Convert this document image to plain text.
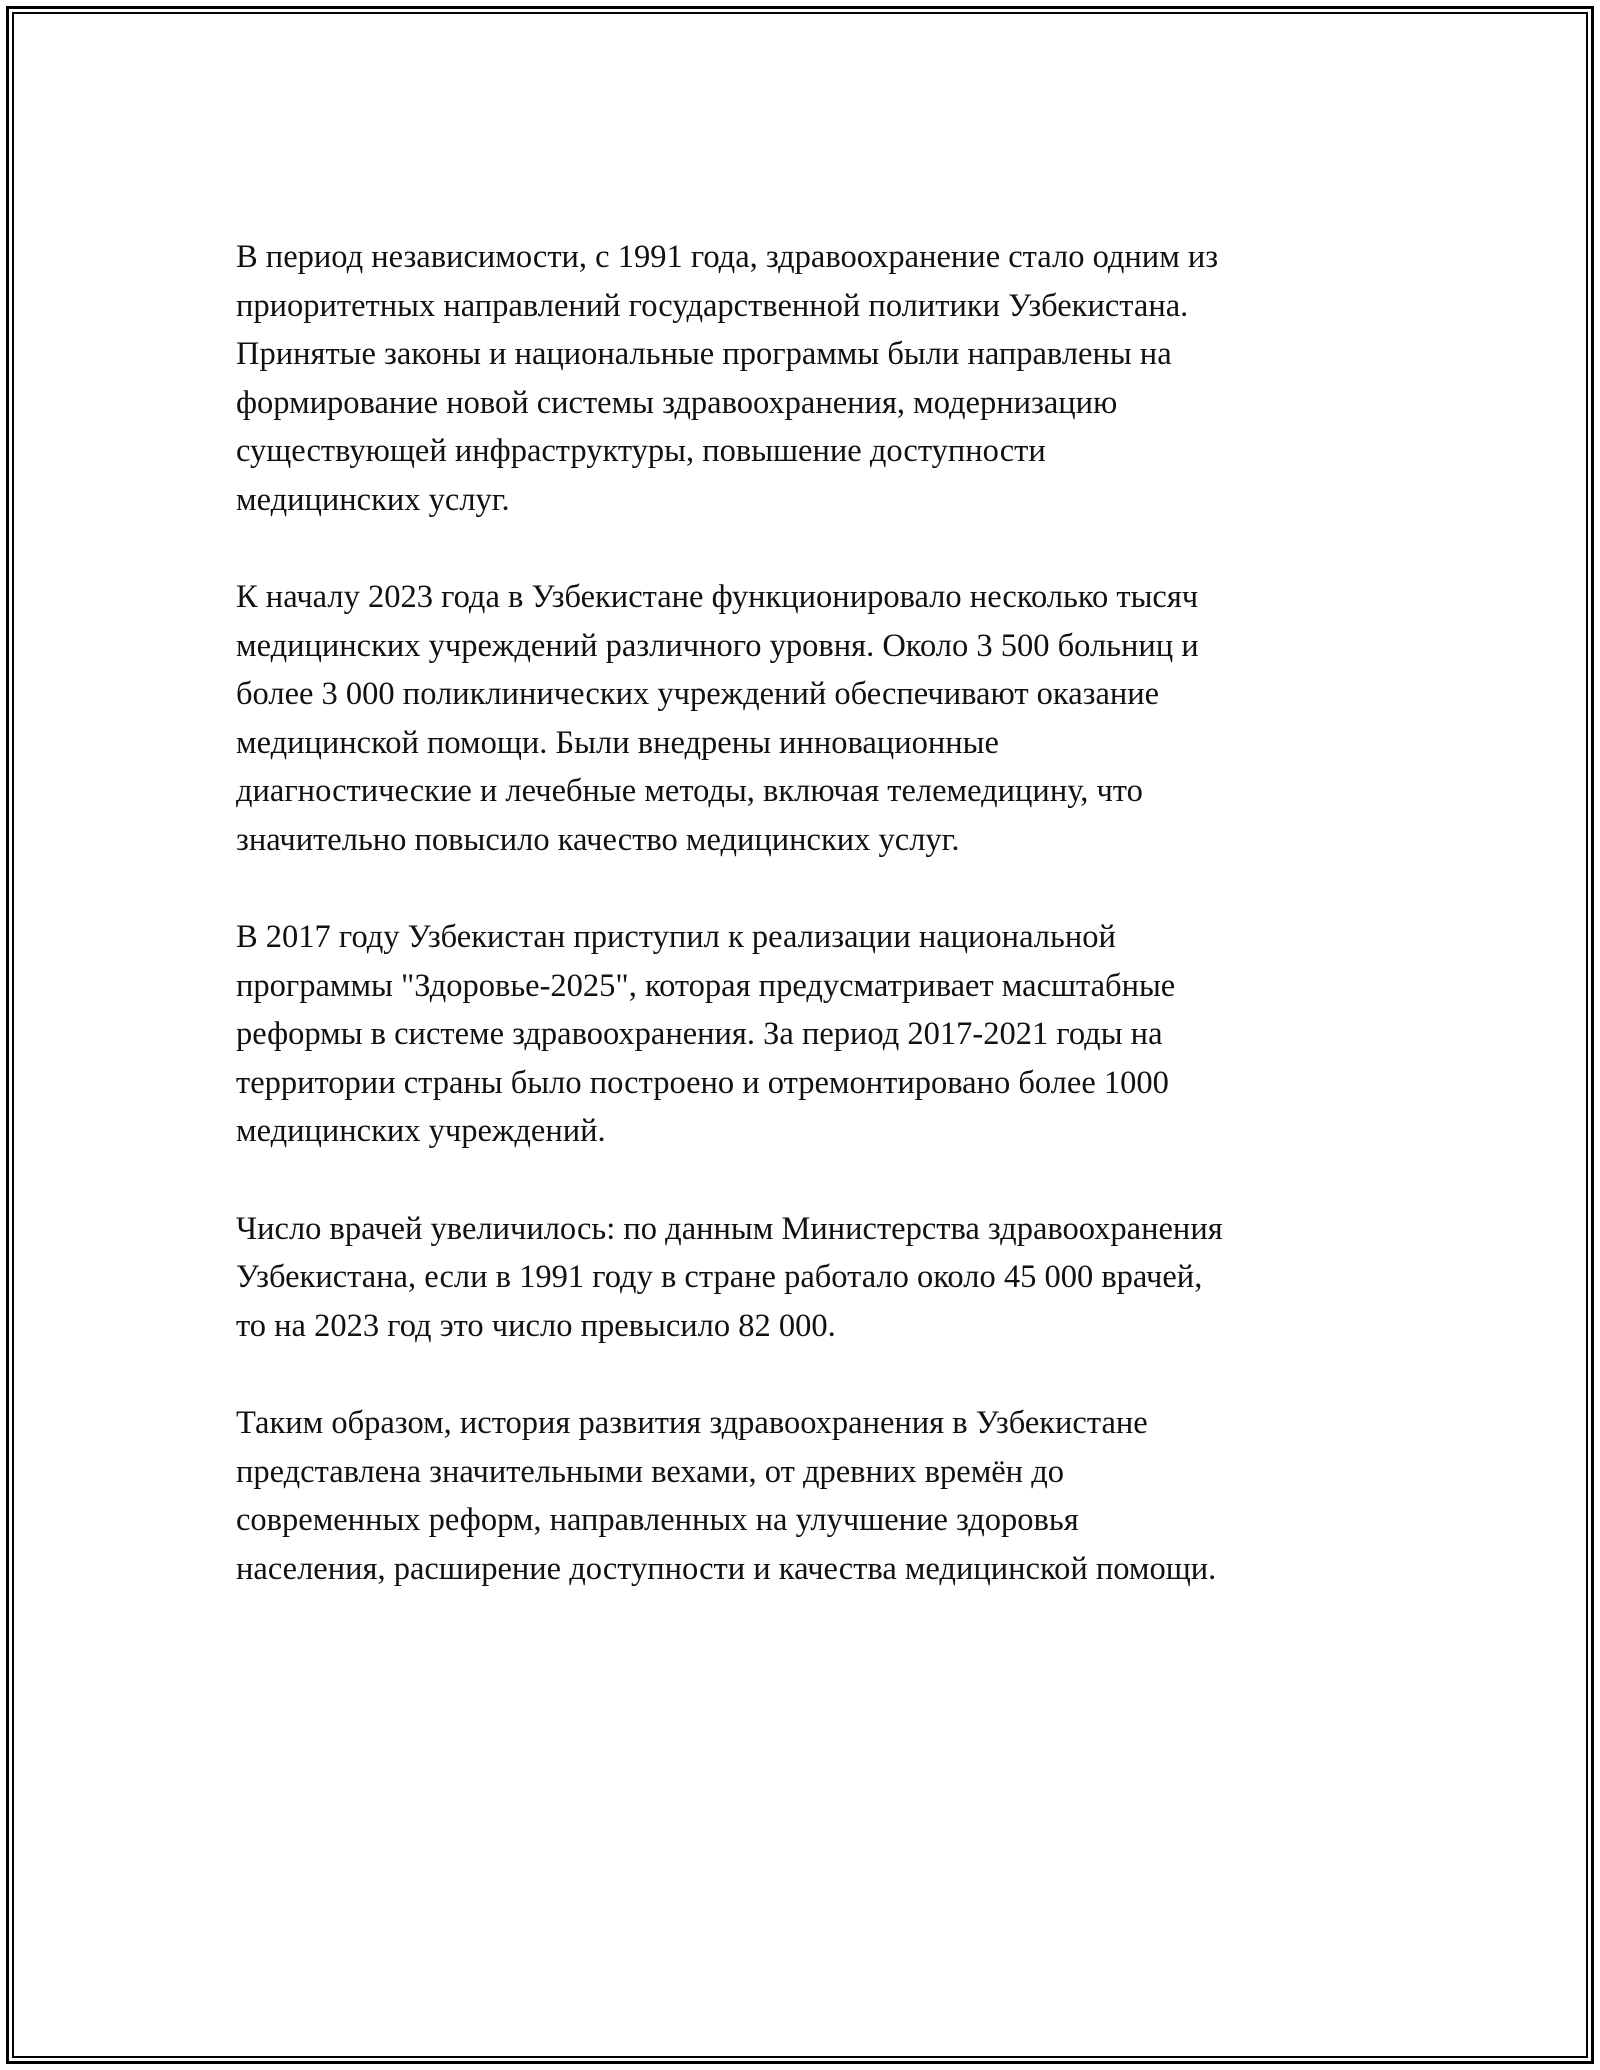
В период независимости, с 1991 года, здравоохранение стало одним из
приоритетных направлений государственной политики Узбекистана.
Принятые законы и национальные программы были направлены на
формирование новой системы здравоохранения, модернизацию
существующей инфраструктуры, повышение доступности
медицинских услуг.

К началу 2023 года в Узбекистане функционировало несколько тысяч
медицинских учреждений различного уровня. Около 3 500 больниц и
более 3 000 поликлинических учреждений обеспечивают оказание
медицинской помощи. Были внедрены инновационные
диагностические и лечебные методы, включая телемедицину, что
значительно повысило качество медицинских услуг.

В 2017 году Узбекистан приступил к реализации национальной
программы "Здоровье-2025", которая предусматривает масштабные
реформы в системе здравоохранения. За период 2017-2021 годы на
территории страны было построено и отремонтировано более 1000
медицинских учреждений.

Число врачей увеличилось: по данным Министерства здравоохранения
Узбекистана, если в 1991 году в стране работало около 45 000 врачей,
то на 2023 год это число превысило 82 000.

Таким образом, история развития здравоохранения в Узбекистане
представлена значительными вехами, от древних времён до
современных реформ, направленных на улучшение здоровья
населения, расширение доступности и качества медицинской помощи.
